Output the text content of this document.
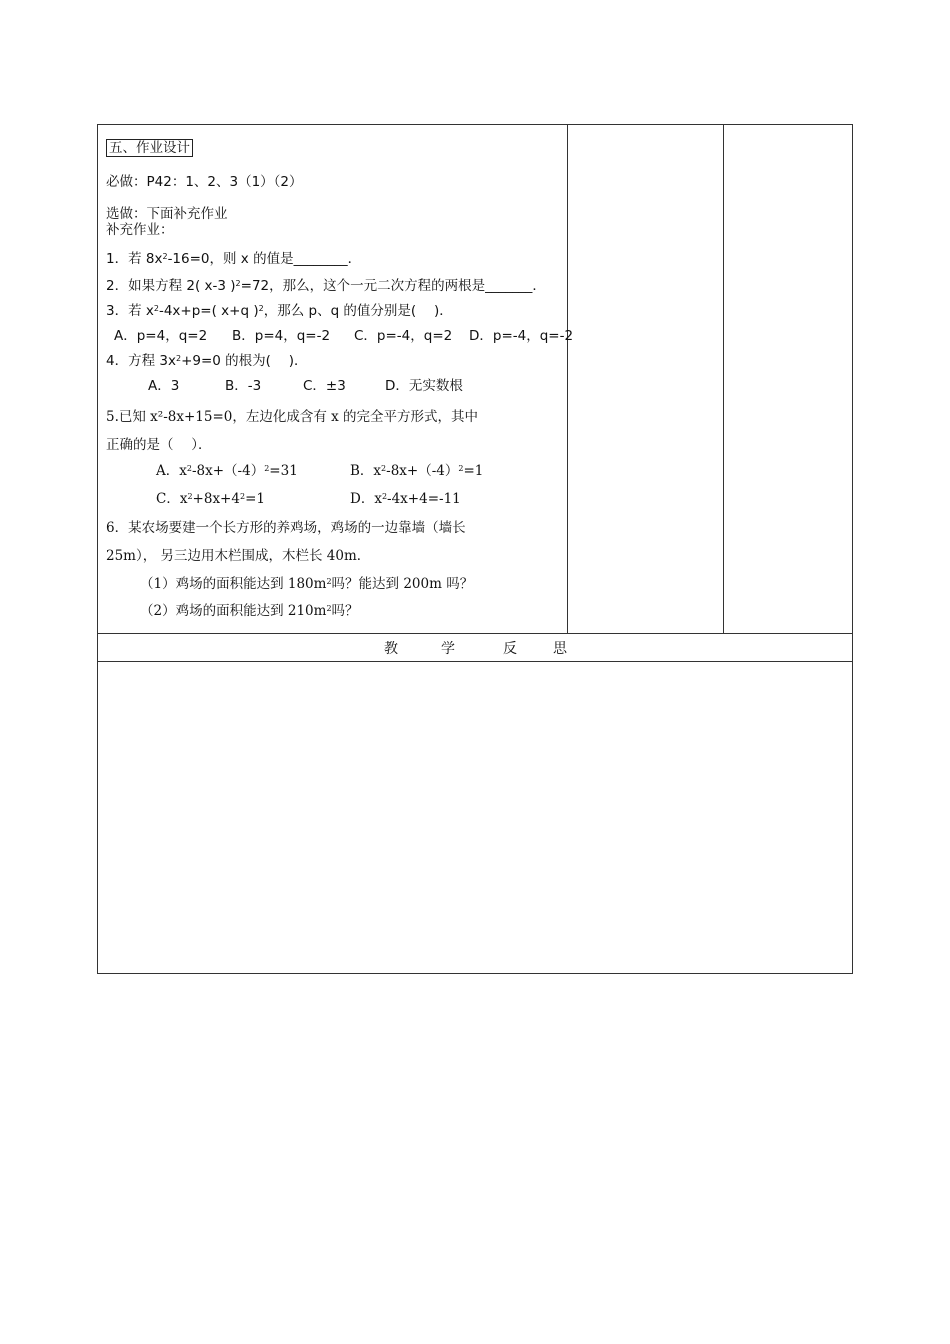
五、作业设计
必做：P42：1、2、3（1）（2）
选做：下面补充作业
补充作业：
1．若 $8x^2-16=0$，则 x 的值是________．
2．如果方程 2( x-3 )$^2$=72，那么，这个一元二次方程的两根是_______．
3．若 $x^2-4x+p=$( x+q )$^2$，那么 p、q 的值分别是(　 )．
A．p=4，q=2 B．p=4，q=-2 C．p=-4，q=2 D．p=-4，q=-2
4．方程 $3x^2+9=0$ 的根为(　 )．
A．3	B．-3	C．±3	D．无实数根
5.已知 x²-8x+15=0，左边化成含有 x 的完全平方形式，其中
正确的是（　 ）．
A．$x^2-8x+(-4)^2=31$	B．$x^2-8x+(-4)^2=1$
C．$x^2+8x+4^2=1$	D．$x^2-4x+4=-11$
6．某农场要建一个长方形的养鸡场，鸡场的一边靠墙（墙长
25m）， 另三边用木栏围成，木栏长 40m．
（1）鸡场的面积能达到 $180m^2$吗？能达到 200m 吗？
（2）鸡场的面积能达到 $210m^2$吗？
教	学	反	思
